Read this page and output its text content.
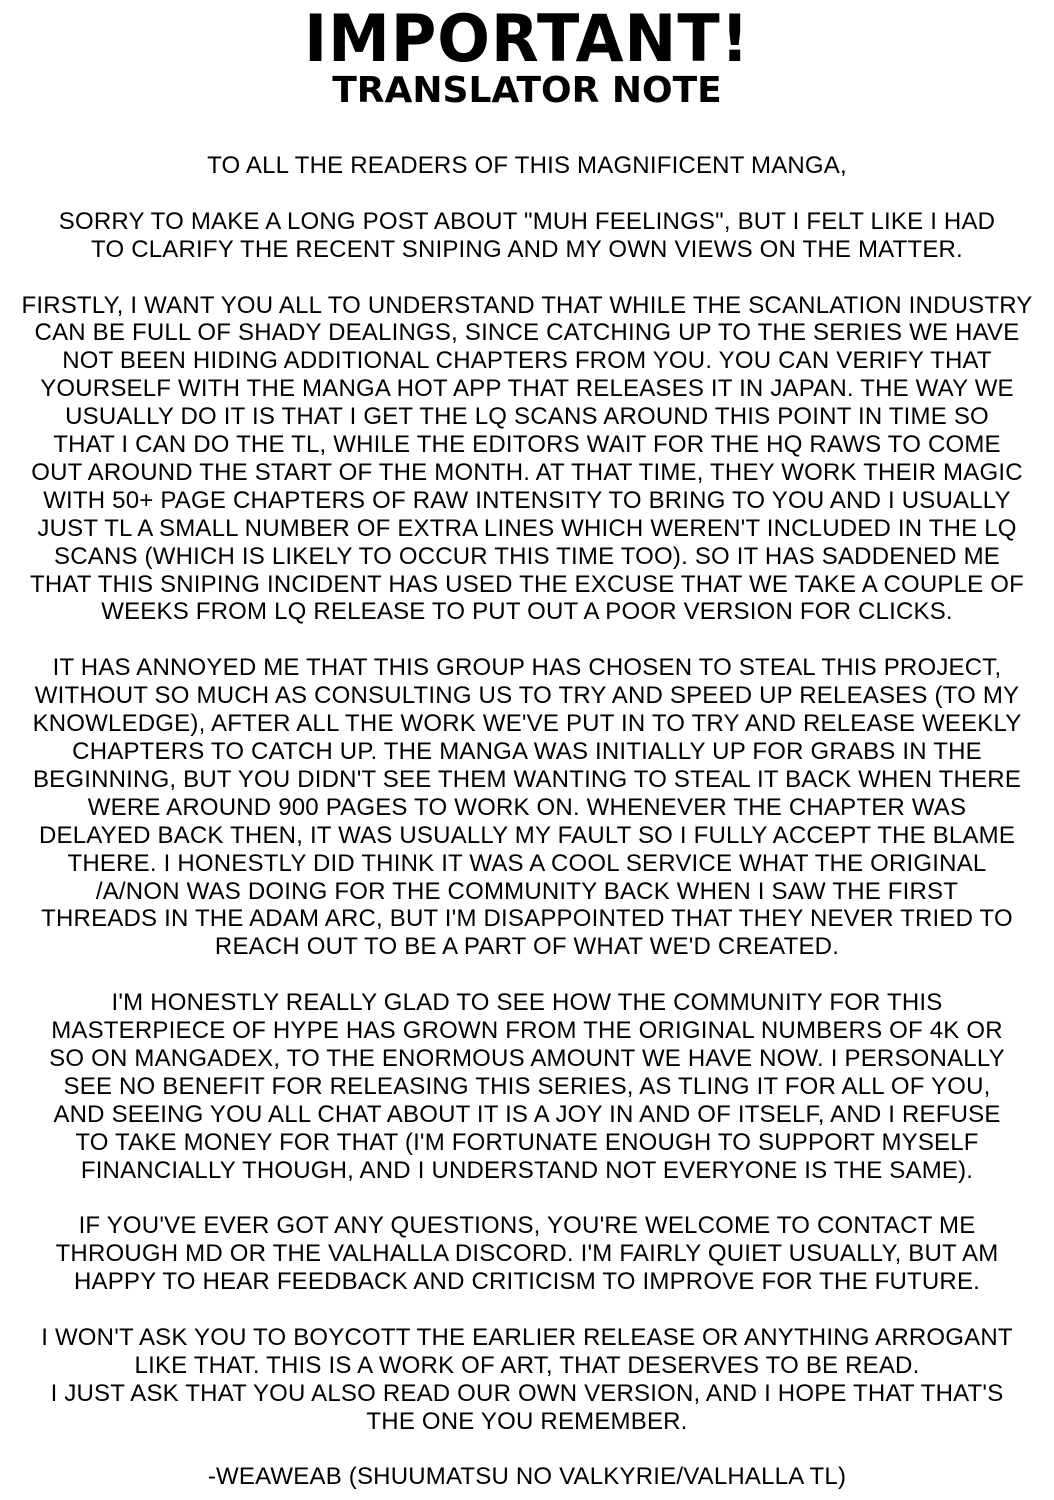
IMPORTANT!
TRANSLATOR NOTE
TO ALL THE READERS OF THIS MAGNIFICENT MANGA,
SORRY TO MAKE A LONG POST ABOUT "MUH FEELINGS", BUT I FELT LIKE I HAD
TO CLARIFY THE RECENT SNIPING AND MY OWN VIEWS ON THE MATTER.
FIRSTLY, I WANT YOU ALL TO UNDERSTAND THAT WHILE THE SCANLATION INDUSTRY
CAN BE FULL OF SHADY DEALINGS, SINCE CATCHING UP TO THE SERIES WE HAVE
NOT BEEN HIDING ADDITIONAL CHAPTERS FROM YOU. YOU CAN VERIFY THAT
YOURSELF WITH THE MANGA HOT APP THAT RELEASES IT IN JAPAN. THE WAY WE
USUALLY DO IT IS THAT I GET THE LQ SCANS AROUND THIS POINT IN TIME SO
THAT I CAN DO THE TL, WHILE THE EDITORS WAIT FOR THE HQ RAWS TO COME
OUT AROUND THE START OF THE MONTH. AT THAT TIME, THEY WORK THEIR MAGIC
WITH 50+ PAGE CHAPTERS OF RAW INTENSITY TO BRING TO YOU AND I USUALLY
JUST TL A SMALL NUMBER OF EXTRA LINES WHICH WEREN'T INCLUDED IN THE LQ
SCANS (WHICH IS LIKELY TO OCCUR THIS TIME TOO). SO IT HAS SADDENED ME
THAT THIS SNIPING INCIDENT HAS USED THE EXCUSE THAT WE TAKE A COUPLE OF
WEEKS FROM LQ RELEASE TO PUT OUT A POOR VERSION FOR CLICKS.
IT HAS ANNOYED ME THAT THIS GROUP HAS CHOSEN TO STEAL THIS PROJECT,
WITHOUT SO MUCH AS CONSULTING US TO TRY AND SPEED UP RELEASES (TO MY
KNOWLEDGE), AFTER ALL THE WORK WE'VE PUT IN TO TRY AND RELEASE WEEKLY
CHAPTERS TO CATCH UP. THE MANGA WAS INITIALLY UP FOR GRABS IN THE
BEGINNING, BUT YOU DIDN'T SEE THEM WANTING TO STEAL IT BACK WHEN THERE
WERE AROUND 900 PAGES TO WORK ON. WHENEVER THE CHAPTER WAS
DELAYED BACK THEN, IT WAS USUALLY MY FAULT SO I FULLY ACCEPT THE BLAME
THERE. I HONESTLY DID THINK IT WAS A COOL SERVICE WHAT THE ORIGINAL
/A/NON WAS DOING FOR THE COMMUNITY BACK WHEN I SAW THE FIRST
THREADS IN THE ADAM ARC, BUT I'M DISAPPOINTED THAT THEY NEVER TRIED TO
REACH OUT TO BE A PART OF WHAT WE'D CREATED.
I'M HONESTLY REALLY GLAD TO SEE HOW THE COMMUNITY FOR THIS
MASTERPIECE OF HYPE HAS GROWN FROM THE ORIGINAL NUMBERS OF 4K OR
SO ON MANGADEX, TO THE ENORMOUS AMOUNT WE HAVE NOW. I PERSONALLY
SEE NO BENEFIT FOR RELEASING THIS SERIES, AS TLING IT FOR ALL OF YOU,
AND SEEING YOU ALL CHAT ABOUT IT IS A JOY IN AND OF ITSELF, AND I REFUSE
TO TAKE MONEY FOR THAT (I'M FORTUNATE ENOUGH TO SUPPORT MYSELF
FINANCIALLY THOUGH, AND I UNDERSTAND NOT EVERYONE IS THE SAME).
IF YOU'VE EVER GOT ANY QUESTIONS, YOU'RE WELCOME TO CONTACT ME
THROUGH MD OR THE VALHALLA DISCORD. I'M FAIRLY QUIET USUALLY, BUT AM
HAPPY TO HEAR FEEDBACK AND CRITICISM TO IMPROVE FOR THE FUTURE.
I WON'T ASK YOU TO BOYCOTT THE EARLIER RELEASE OR ANYTHING ARROGANT
LIKE THAT. THIS IS A WORK OF ART, THAT DESERVES TO BE READ.
I JUST ASK THAT YOU ALSO READ OUR OWN VERSION, AND I HOPE THAT THAT'S
THE ONE YOU REMEMBER.
-WEAWEAB (SHUUMATSU NO VALKYRIE/VALHALLA TL)
